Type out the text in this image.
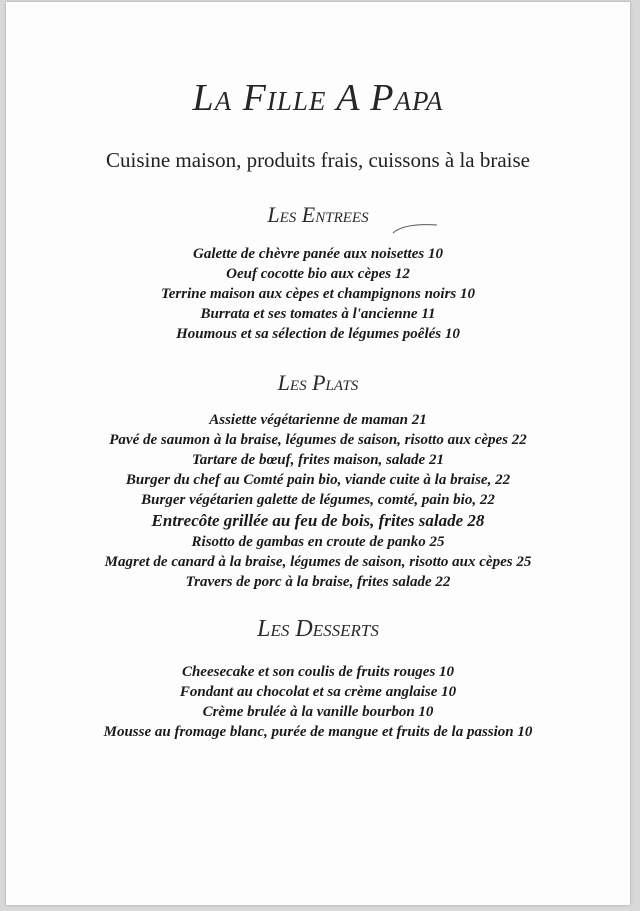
La Fille A Papa
Cuisine maison, produits frais, cuissons à la braise
Les Entrees
Galette de chèvre panée aux noisettes 10
Oeuf cocotte bio aux cèpes 12
Terrine maison aux cèpes et champignons noirs 10
Burrata et ses tomates à l'ancienne 11
Houmous et sa sélection de légumes poêlés 10
Les Plats
Assiette végétarienne de maman 21
Pavé de saumon à la braise, légumes de saison, risotto aux cèpes 22
Tartare de bœuf, frites maison, salade 21
Burger du chef au Comté pain bio, viande cuite à la braise, 22
Burger végétarien galette de légumes, comté, pain bio, 22
Entrecôte grillée au feu de bois, frites salade 28
Risotto de gambas en croute de panko 25
Magret de canard à la braise, légumes de saison, risotto aux cèpes 25
Travers de porc à la braise, frites salade 22
Les Desserts
Cheesecake et son coulis de fruits rouges 10
Fondant au chocolat et sa crème anglaise 10
Crème brulée à la vanille bourbon 10
Mousse au fromage blanc, purée de mangue et fruits de la passion 10
